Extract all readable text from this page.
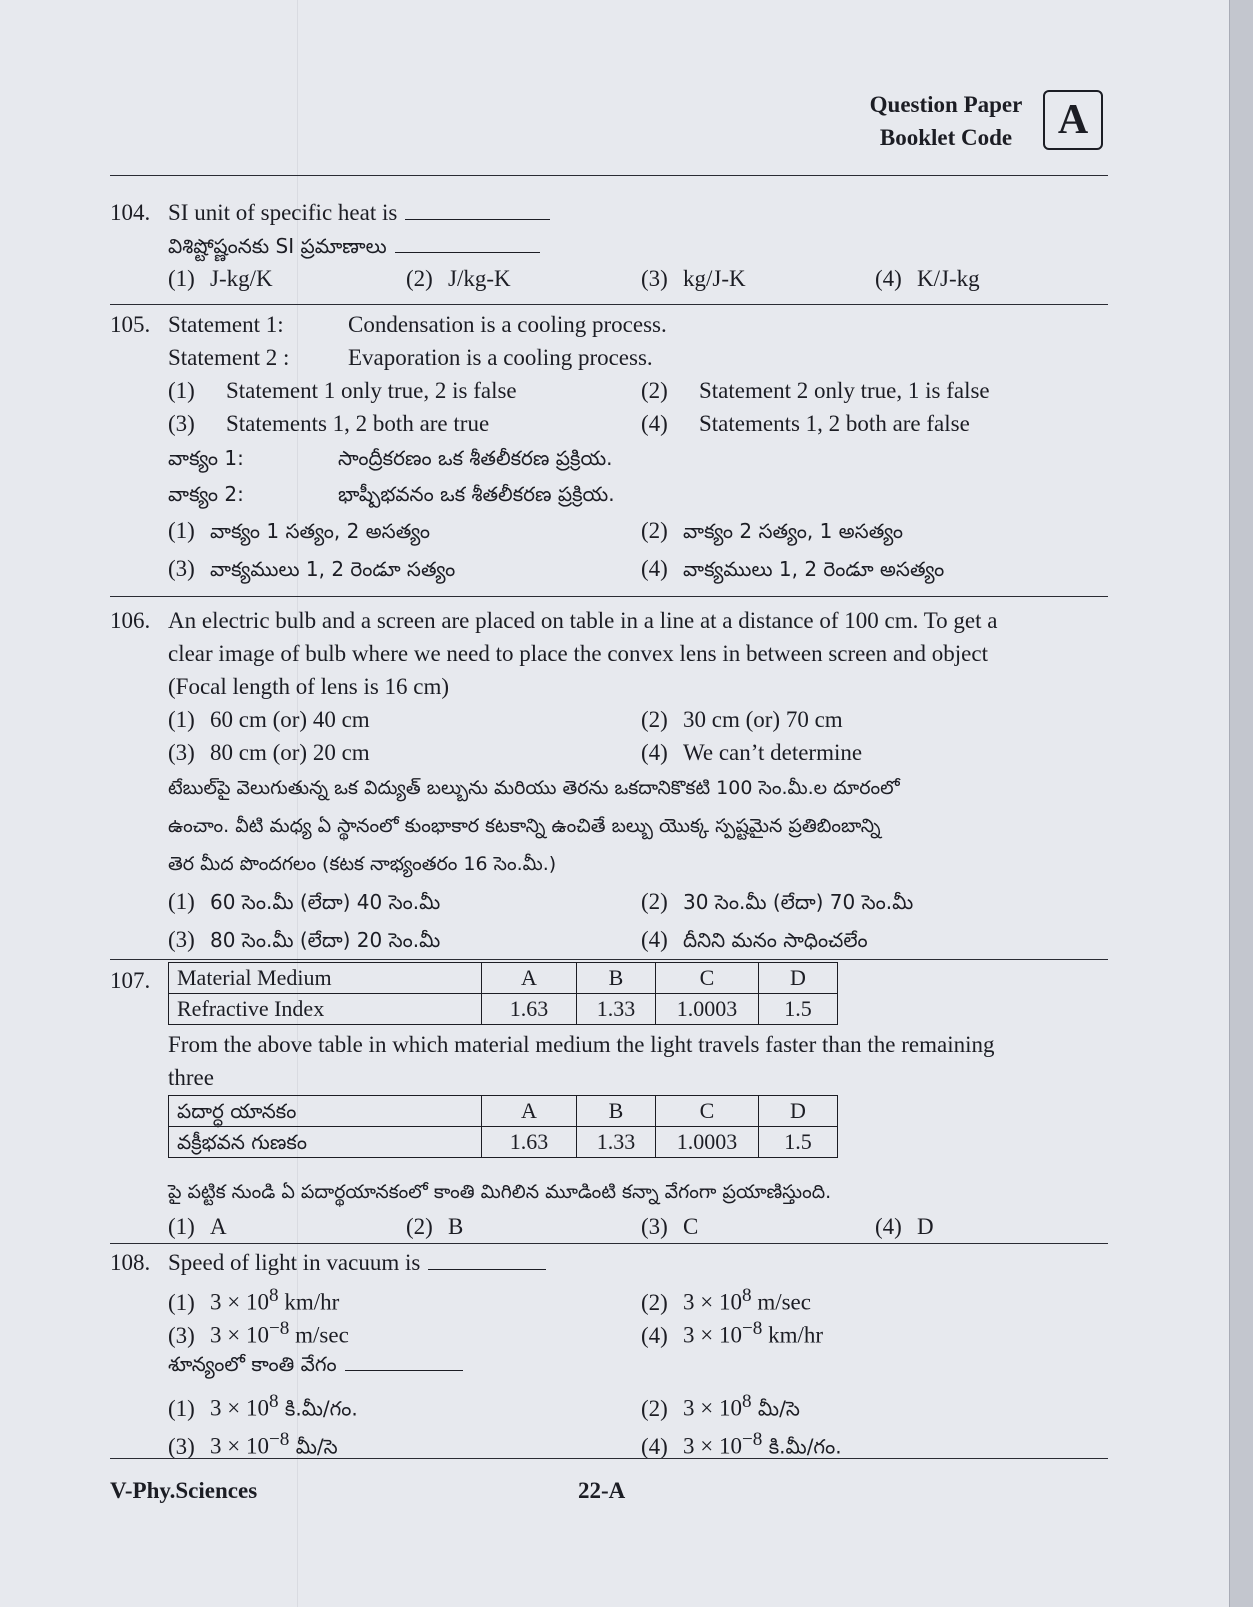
Question Paper
Booklet Code	A
104. SI unit of specific heat is
విశిష్టోష్ణంనకు SI ప్రమాణాలు
(1) J-kg/K	(2) J/kg-K	(3) kg/J-K	(4) K/J-kg
105. Statement 1:	Condensation is a cooling process.
Statement 2 :	Evaporation is a cooling process.
(1) Statement 1 only true, 2 is false	(2) Statement 2 only true, 1 is false
(3) Statements 1, 2 both are true	(4) Statements 1, 2 both are false
వాక్యం 1:	సాంద్రీకరణం ఒక శీతలీకరణ ప్రక్రియ.
వాక్యం 2:	భాష్పీభవనం ఒక శీతలీకరణ ప్రక్రియ.
(1) వాక్యం 1 సత్యం, 2 అసత్యం	(2) వాక్యం 2 సత్యం, 1 అసత్యం
(3) వాక్యములు 1, 2 రెండూ సత్యం	(4) వాక్యములు 1, 2 రెండూ అసత్యం
106. An electric bulb and a screen are placed on table in a line at a distance of 100 cm. To get a
clear image of bulb where we need to place the convex lens in between screen and object
(Focal length of lens is 16 cm)
(1) 60 cm (or) 40 cm	(2) 30 cm (or) 70 cm
(3) 80 cm (or) 20 cm	(4) We can’t determine
టేబుల్‌పై వెలుగుతున్న ఒక విద్యుత్ బల్బును మరియు తెరను ఒకదానికొకటి 100 సెం.మీ.ల దూరంలో
ఉంచాం. వీటి మధ్య ఏ స్థానంలో కుంభాకార కటకాన్ని ఉంచితే బల్బు యొక్క స్పష్టమైన ప్రతిబింబాన్ని
తెర మీద పొందగలం (కటక నాభ్యంతరం 16 సెం.మీ.)
(1) 60 సెం.మీ (లేదా) 40 సెం.మీ	(2) 30 సెం.మీ (లేదా) 70 సెం.మీ
(3) 80 సెం.మీ (లేదా) 20 సెం.మీ	(4) దీనిని మనం సాధించలేం
107. Material Medium	A	B	C	D
Refractive Index	1.63	1.33	1.0003	1.5
From the above table in which material medium the light travels faster than the remaining
three
పదార్ధ యానకం	A	B	C	D
వక్రీభవన గుణకం	1.63	1.33	1.0003	1.5
పై పట్టిక నుండి ఏ పదార్థయానకంలో కాంతి మిగిలిన మూడింటి కన్నా వేగంగా ప్రయాణిస్తుంది.
(1) A	(2) B	(3) C	(4) D
108. Speed of light in vacuum is
(1) $3 \times 10^8$ km/hr	(2) $3 \times 10^8$ m/sec
(3) $3 \times 10^{-8}$ m/sec	(4) $3 \times 10^{-8}$ km/hr
శూన్యంలో కాంతి వేగం
(1) $3 \times 10^8$ కి.మీ/గం.	(2) $3 \times 10^8$ మీ/సె
(3) $3 \times 10^{-8}$ మీ/సె	(4) $3 \times 10^{-8}$ కి.మీ/గం.
V-Phy.Sciences	22-A
